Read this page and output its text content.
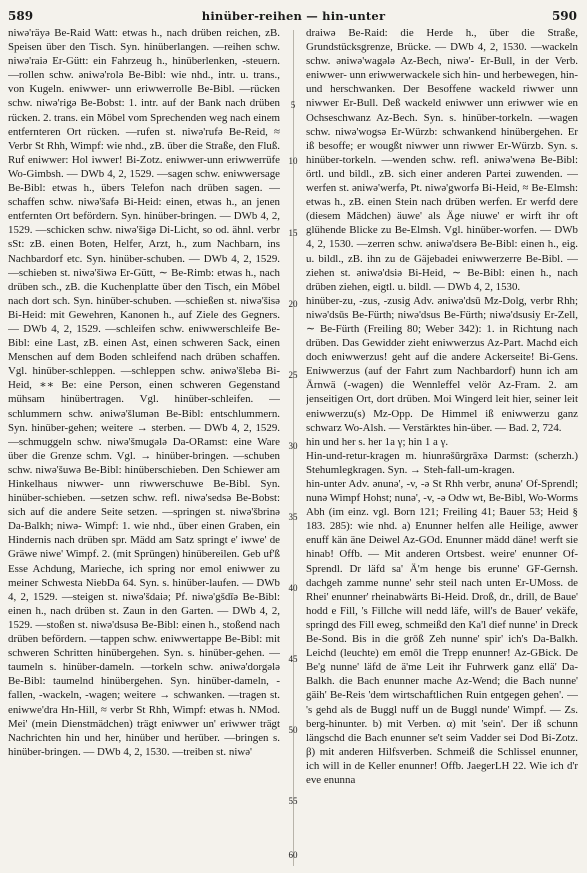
589	hinüber-reihen — hin-unter	590

niwə'räyə Be-Raid Watt: etwas h., nach drüben reichen, zB. Speisen über den Tisch. Syn. hinüberlangen. —reihen schw. niwə'raiə Er-Gütt: ein Fahrzeug h., hinüberlenken, -steuern. —rollen schw. əniwə'rolə Be-Bibl: wie nhd., intr. u. trans., von Kugeln. eniwwer- unn eriwwerrolle Be-Bibl. —rücken schw. niwə'rigə Be-Bobst: 1. intr. auf der Bank nach drüben rücken. 2. trans. ein Möbel vom Sprechenden weg nach einem entfernteren Ort rücken. —rufen st. niwə'rufə Be-Reid, ≈ Verbr St Rhh, Wimpf: wie nhd., zB. über die Straße, den Fluß. Ruf eniwwer: Hol iwwer! Bi-Zotz. eniwwer-unn eriwwerrüfe Wo-Gimbsh. — DWb 4, 2, 1529. —sagen schw. eniwwersage Be-Bibl: etwas h., übers Telefon nach drüben sagen. —schaffen schw. niwə'šafə Bi-Heid: einen, etwas h., an jenen entfernten Ort befördern. Syn. hinüber-bringen. — DWb 4, 2, 1529. —schicken schw. niwə'šigə Di-Licht, so od. ähnl. verbr sSt: zB. einen Boten, Helfer, Arzt, h., zum Nachbarn, ins Nachbardorf etc. Syn. hinüber-schuben. — DWb 4, 2, 1529. —schieben st. niwə'šiwə Er-Gütt, ∼ Be-Rimb: etwas h., nach drüben sch., zB. die Kuchenplatte über den Tisch, ein Möbel nach dort sch. Syn. hinüber-schuben. —schießen st. niwə'šisə Bi-Heid: mit Gewehren, Kanonen h., auf Ziele des Gegners. — DWb 4, 2, 1529. —schleifen schw. eniwwerschleife Be-Bibl: eine Last, zB. einen Ast, einen schweren Sack, einen Menschen auf dem Boden schleifend nach drüben schaffen. Vgl. hinüber-schleppen. —schleppen schw. əniwə'šlebə Bi-Heid, ∗∗ Be: eine Person, einen schweren Gegenstand mühsam hinübertragen. Vgl. hinüber-schleifen. —schlummern schw. əniwə'šlumən Be-Bibl: entschlummern. Syn. hinüber-gehen; weitere → sterben. — DWb 4, 2, 1529. —schmuggeln schw. niwə'šmugələ Da-ORamst: eine Ware über die Grenze schm. Vgl. → hinüber-bringen. —schuben schw. niwə'šuwə Be-Bibl: hinüberschieben. Den Schiewer am Hinkelhaus niwwer- unn riwwerschuwe Be-Bibl. Syn. hinüber-schieben. —setzen schw. refl. niwə'sedsə Be-Bobst: sich auf die andere Seite setzen. —springen st. niwə'šbrinə Da-Balkh; niwə- Wimpf: 1. wie nhd., über einen Graben, ein Hindernis nach drüben spr. Mädd am Satz springt e' iwwe' de Gräwe niwe' Wimpf. 2. (mit Sprüngen) hinübereilen. Geb uf'ß Esse Achdung, Marieche, ich spring nor emol eniwwer zu meiner Schwesta NiebDa 64. Syn. s. hinüber-laufen. — DWb 4, 2, 1529. —steigen st. niwə'šdaiə; Pf. niwə'gšdīə Be-Bibl: einen h., nach drüben st. Zaun in den Garten. — DWb 4, 2, 1529. —stoßen st. niwə'dsusə Be-Bibl: einen h., stoßend nach drüben befördern. —tappen schw. eniwwertappe Be-Bibl: mit schweren Schritten hinübergehen. Syn. s. hinüber-gehen. —taumeln s. hinüber-dameln. —torkeln schw. əniwə'dorgələ Be-Bibl: taumelnd hinübergehen. Syn. hinüber-dameln, -fallen, -wackeln, -wagen; weitere → schwanken. —tragen st. eniwwe'dra Hn-Hill, ≈ verbr St Rhh, Wimpf: etwas h. NMod. Mei' (mein Dienstmädchen) trägt eniwwer un' eriwwer trägt Nachrichten hin und her, hinüber und herüber. —bringen s. hinüber-bringen. — DWb 4, 2, 1530. —treiben st. niwə'

5
10
15
20
25
30
35
40
45
50
55
60

draiwə Be-Raid: die Herde h., über die Straße, Grundstücksgrenze, Brücke. — DWb 4, 2, 1530. —wackeln schw. əniwə'wagələ Az-Bech, niwə'- Er-Bull, in der Verb. eniwwer- unn eriwwerwackele sich hin- und herbewegen, hin- und herschwanken. Der Besoffene wackeld riwwer unn niwwer Er-Bull. Deß wackeld eniwwer unn eriwwer wie en Ochseschwanz Az-Bech. Syn. s. hinüber-torkeln. —wagen schw. niwə'wogsə Er-Würzb: schwankend hinübergehen. Er iß besoffe; er wougßt niwwer unn riwwer Er-Würzb. Syn. s. hinüber-torkeln. —wenden schw. refl. əniwə'wenə Be-Bibl: örtl. und bildl., zB. sich einer anderen Partei zuwenden. —werfen st. əniwə'werfə, Pt. niwə'gworfə Bi-Heid, ≈ Be-Elmsh: etwas h., zB. einen Stein nach drüben werfen. Er werfd dere (diesem Mädchen) äuwe' als Äge niuwe' er wirft ihr oft glühende Blicke zu Be-Elmsh. Vgl. hinüber-worfen. — DWb 4, 2, 1530. —zerren schw. əniwə'dserə Be-Bibl: einen h., eig. u. bildl., zB. ihn zu de Gäjebadei eniwwerzerre Be-Bibl. —ziehen st. əniwə'dsiə Bi-Heid, ∼ Be-Bibl: einen h., nach drüben ziehen, eigtl. u. bildl. — DWb 4, 2, 1530.

hinüber-zu, -zus, -zusig Adv. əniwə'dsū Mz-Dolg, verbr Rhh; niwə'dsūs Be-Fürth; niwə'dsus Be-Fürth; niwə'dsusiy Er-Zell, ∼ Be-Fürth (Freiling 80; Weber 342): 1. in Richtung nach drüben. Das Gewidder zieht eniwwerzus Az-Part. Machd eich doch eniwwerzus! geht auf die andere Ackerseite! Bi-Gens. Eniwwerzus (auf der Fahrt zum Nachbardorf) hunn ich am Ärnwä (-wagen) die Wennleffel velör Az-Fram. 2. am jenseitigen Ort, dort drüben. Moi Wingerd leit hier, seiner leit eniwwerzu(s) Mz-Opp. De Himmel iß eniwwerzu ganz schwarz Wo-Alsh. — Verstärktes hin-über. — Bad. 2, 724.

hin und her s. her 1a γ; hin 1 a γ.

Hin-und-retur-kragen m. hiunrəšūrgrāxə Darmst: (scherzh.) Stehumlegkragen. Syn. → Steh-fall-um-kragen.

hin-unter Adv. ənunə', -v, -ə St Rhh verbr, ənunə' Of-Sprendl; nunə Wimpf Hohst; nunə', -v, -ə Odw wt, Be-Bibl, Wo-Worms Abh (im einz. vgl. Born 121; Freiling 41; Bauer 53; Heid § 183. 285): wie nhd. a) Enunner helfen alle Heilige, awwer enuff kän äne Deiwel Az-GOd. Enunner mädd däne! werft sie hinab! Offb. — Mit anderen Ortsbest. weire' enunner Of-Sprendl. Dr läfd sa' Ä'm henge bis erunne' GF-Gernsh. dachgeh zamme nunne' sehr steil nach unten Er-UMoss. de Rhei' enunner' rheinabwärts Bi-Heid. Droß, dr., drill, de Baue' hodd e Fill, 's Fillche will nedd läfe, will's de Bauer' vekäfe, springd des Fill eweg, schmeißd den Ka'l dief nunne' in Dreck Be-Sond. Bis in die grōß Zeh nunne' spir' ich's Da-Balkh. Leichd (leuchte) em emōl die Trepp enunner! Az-GBick. De Be'g nunne' läfd de ä'me Leit ihr Fuhrwerk ganz ellä' Da-Balkh. die Bach enunner mache Az-Wend; die Bach nunne' gäih' Be-Reis 'dem wirtschaftlichen Ruin entgegen gehen'. — 's gehd als de Buggl nuff un de Buggl nunde' Wimpf. — Zs. berg-hinunter. b) mit Verben. α) mit 'sein'. Der iß schunn längschd die Bach enunner se't seim Vadder sei Dod Bi-Zotz. β) mit anderen Hilfsverben. Schmeiß die Schlissel enunner, ich will in de Keller enunner! Offb. JaegerLH 22. Wie ich d'r eve enunna
